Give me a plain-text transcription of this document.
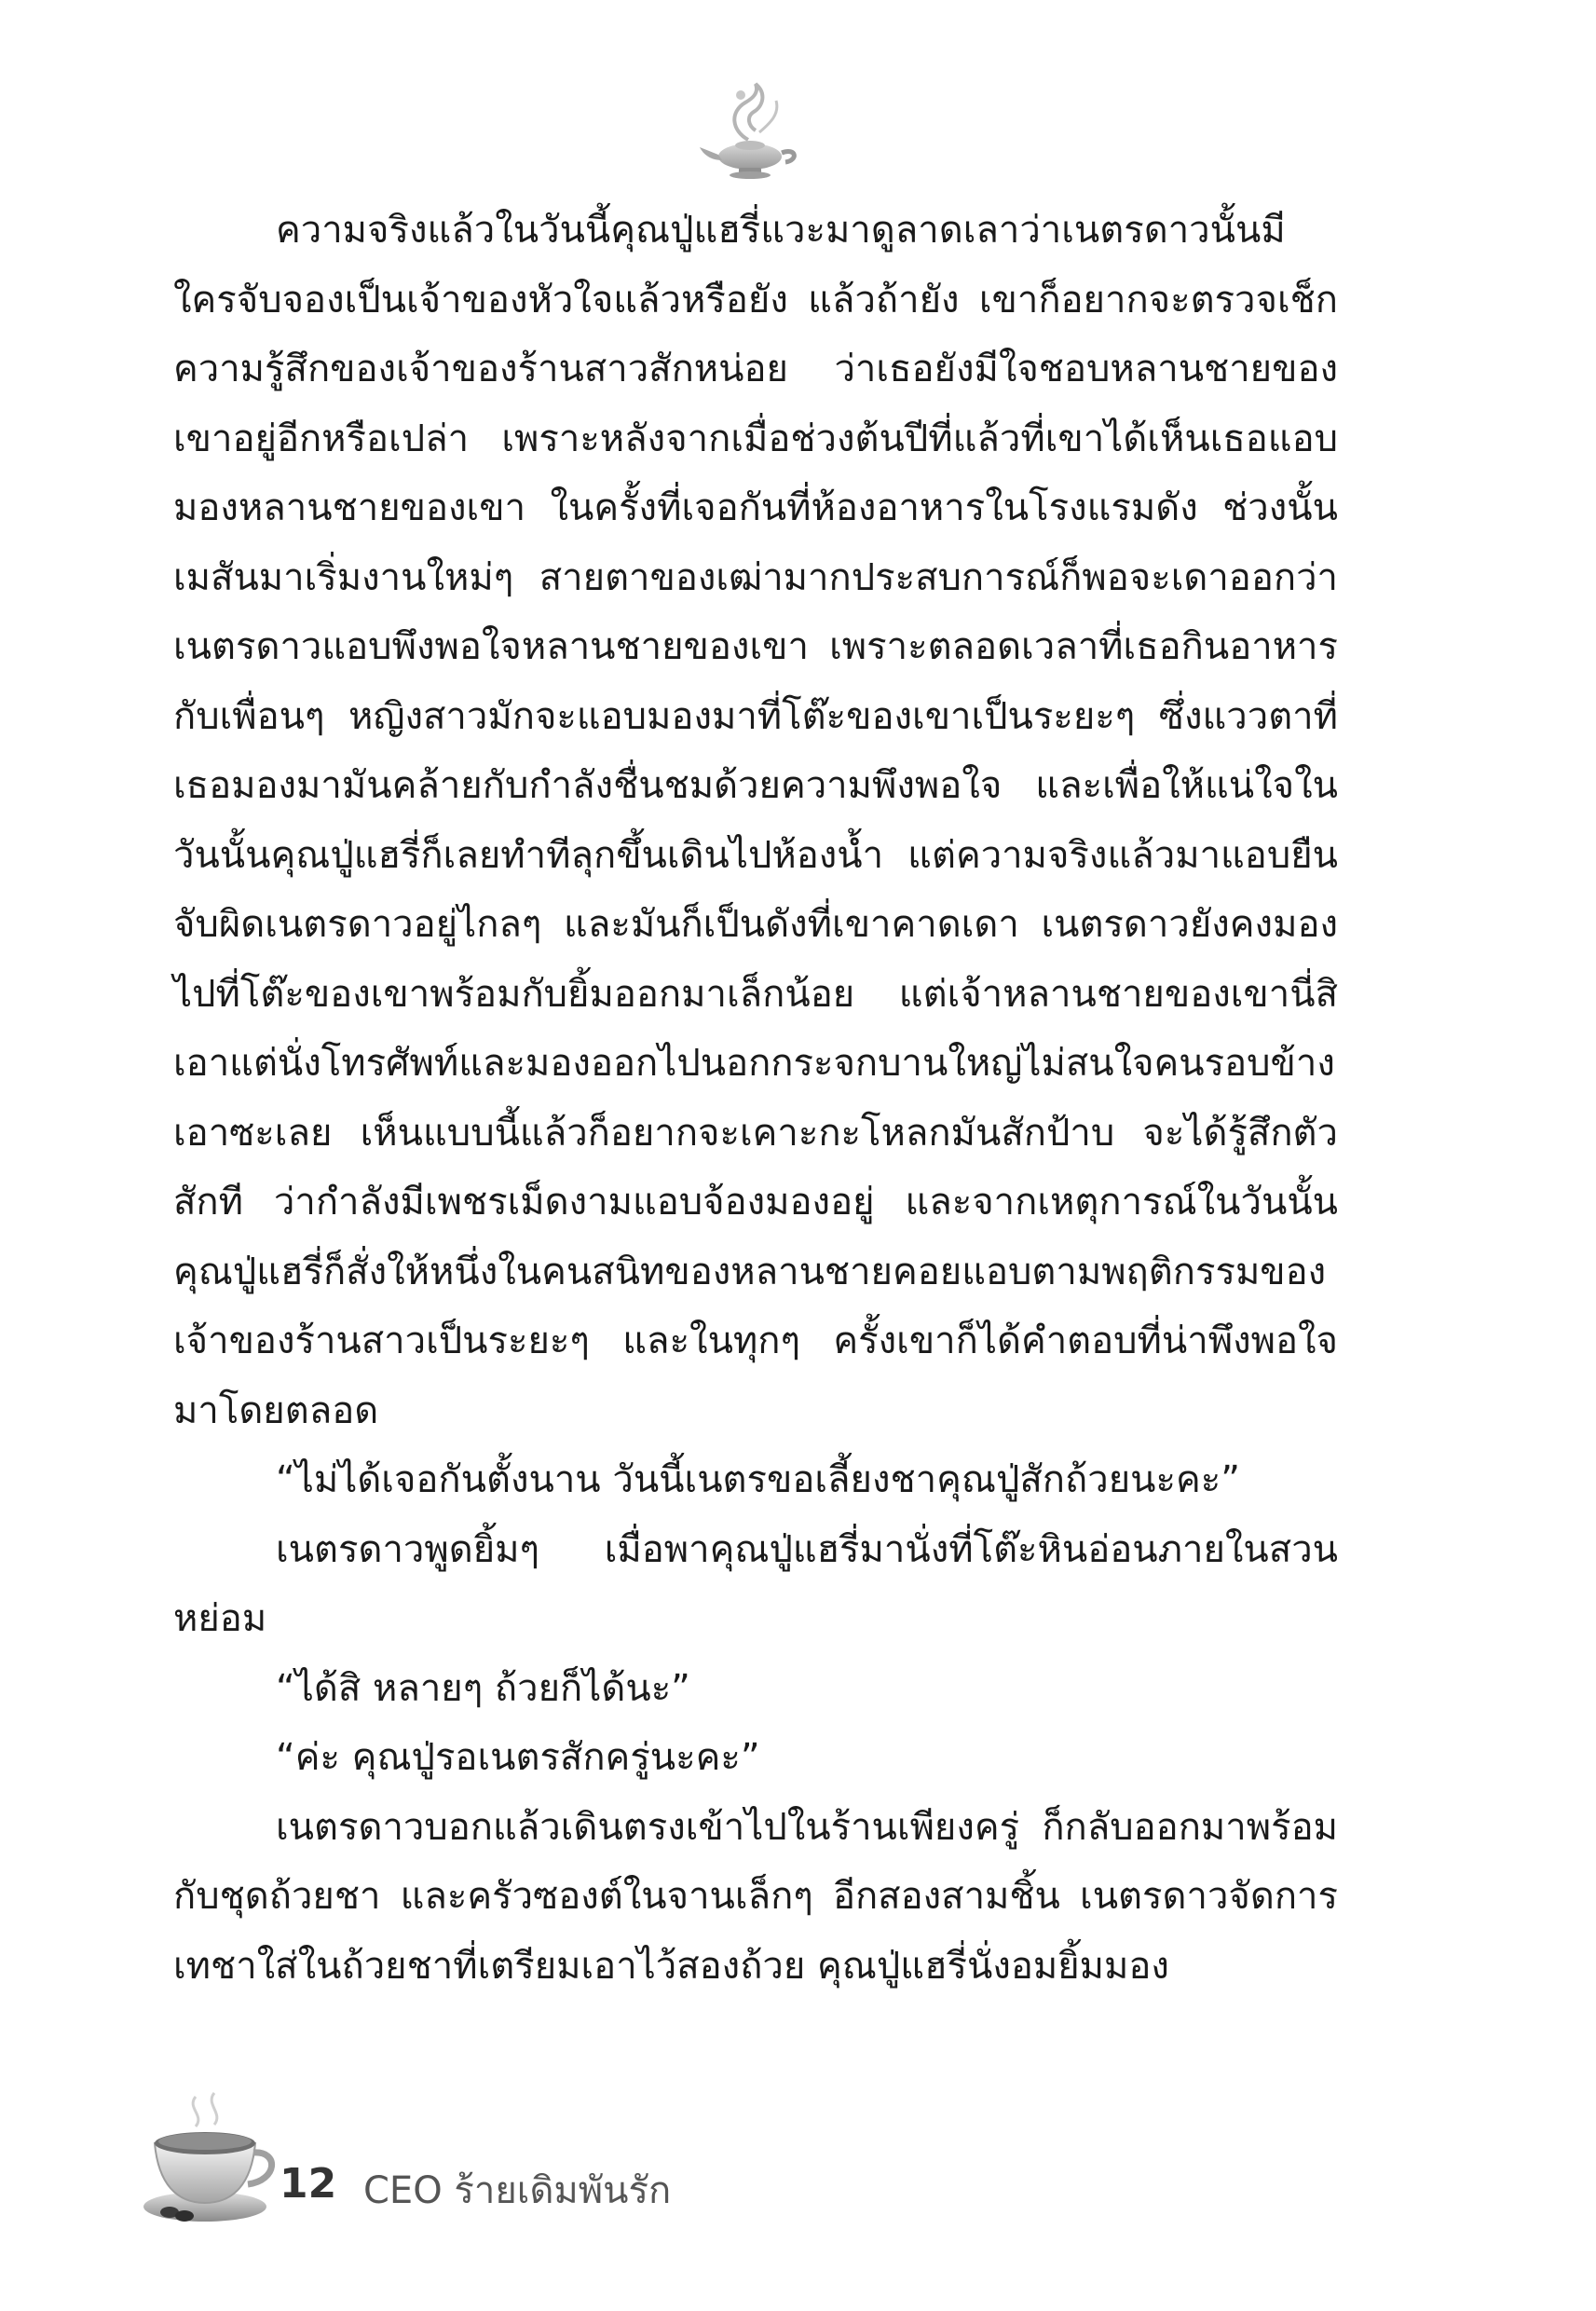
ความจริงแล้วในวันนี้คุณปู่แฮรี่แวะมาดูลาดเลาว่าเนตรดาวนั้นมีใครจับจองเป็นเจ้าของหัวใจแล้วหรือยัง แล้วถ้ายัง เขาก็อยากจะตรวจเช็กความรู้สึกของเจ้าของร้านสาวสักหน่อย ว่าเธอยังมีใจชอบหลานชายของเขาอยู่อีกหรือเปล่า เพราะหลังจากเมื่อช่วงต้นปีที่แล้วที่เขาได้เห็นเธอแอบมองหลานชายของเขา ในครั้งที่เจอกันที่ห้องอาหารในโรงแรมดัง ช่วงนั้นเมสันมาเริ่มงานใหม่ๆ สายตาของเฒ่ามากประสบการณ์ก็พอจะเดาออกว่าเนตรดาวแอบพึงพอใจหลานชายของเขา เพราะตลอดเวลาที่เธอกินอาหารกับเพื่อนๆ หญิงสาวมักจะแอบมองมาที่โต๊ะของเขาเป็นระยะๆ ซึ่งแววตาที่เธอมองมามันคล้ายกับกำลังชื่นชมด้วยความพึงพอใจ และเพื่อให้แน่ใจในวันนั้นคุณปู่แฮรี่ก็เลยทำทีลุกขึ้นเดินไปห้องน้ำ แต่ความจริงแล้วมาแอบยืนจับผิดเนตรดาวอยู่ไกลๆ และมันก็เป็นดังที่เขาคาดเดา เนตรดาวยังคงมองไปที่โต๊ะของเขาพร้อมกับยิ้มออกมาเล็กน้อย แต่เจ้าหลานชายของเขานี่สิ เอาแต่นั่งโทรศัพท์และมองออกไปนอกกระจกบานใหญ่ไม่สนใจคนรอบข้างเอาซะเลย เห็นแบบนี้แล้วก็อยากจะเคาะกะโหลกมันสักป้าบ จะได้รู้สึกตัวสักที ว่ากำลังมีเพชรเม็ดงามแอบจ้องมองอยู่ และจากเหตุการณ์ในวันนั้น คุณปู่แฮรี่ก็สั่งให้หนึ่งในคนสนิทของหลานชายคอยแอบตามพฤติกรรมของเจ้าของร้านสาวเป็นระยะๆ และในทุกๆ ครั้งเขาก็ได้คำตอบที่น่าพึงพอใจมาโดยตลอด

“ไม่ได้เจอกันตั้งนาน วันนี้เนตรขอเลี้ยงชาคุณปู่สักถ้วยนะคะ”

เนตรดาวพูดยิ้มๆ เมื่อพาคุณปู่แฮรี่มานั่งที่โต๊ะหินอ่อนภายในสวนหย่อม

“ได้สิ หลายๆ ถ้วยก็ได้นะ”

“ค่ะ คุณปู่รอเนตรสักครู่นะคะ”

เนตรดาวบอกแล้วเดินตรงเข้าไปในร้านเพียงครู่ ก็กลับออกมาพร้อมกับชุดถ้วยชา และครัวซองต์ในจานเล็กๆ อีกสองสามชิ้น เนตรดาวจัดการเทชาใส่ในถ้วยชาที่เตรียมเอาไว้สองถ้วย คุณปู่แฮรี่นั่งอมยิ้มมอง

12 CEO ร้ายเดิมพันรัก
